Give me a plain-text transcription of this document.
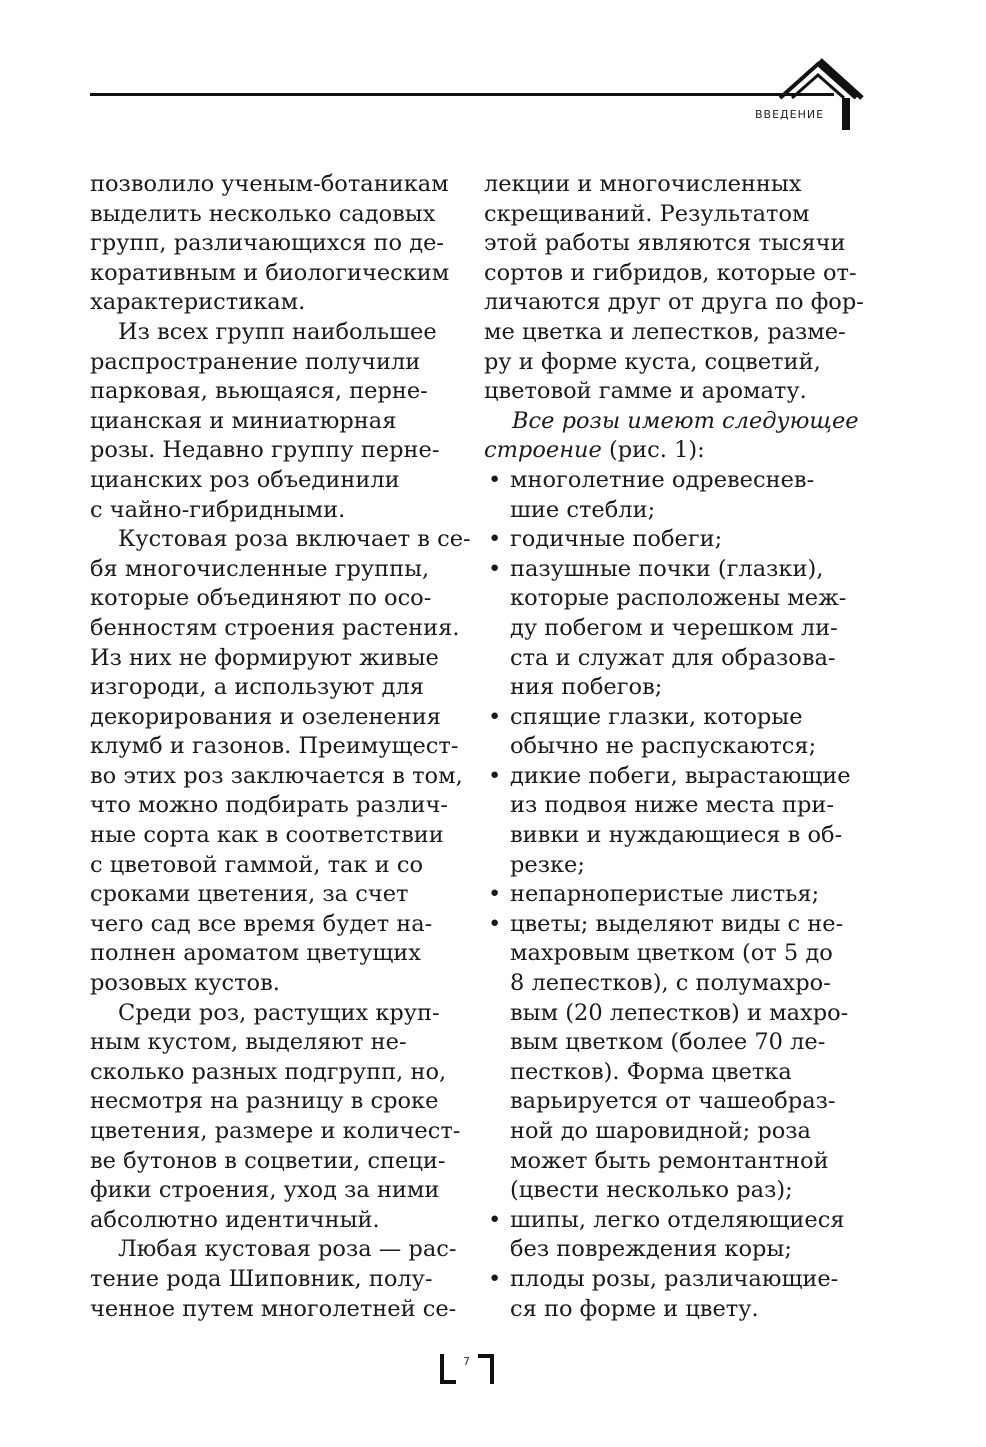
ВВЕДЕНИЕ
позволило ученым-ботаникам
выделить несколько садовых
групп, различающихся по де-
коративным и биологическим
характеристикам.
Из всех групп наибольшее
распространение получили
парковая, вьющаяся, перне-
цианская и миниатюрная
розы. Недавно группу перне-
цианских роз объединили
с чайно-гибридными.
Кустовая роза включает в се-
бя многочисленные группы,
которые объединяют по осо-
бенностям строения растения.
Из них не формируют живые
изгороди, а используют для
декорирования и озеленения
клумб и газонов. Преимущест-
во этих роз заключается в том,
что можно подбирать различ-
ные сорта как в соответствии
с цветовой гаммой, так и со
сроками цветения, за счет
чего сад все время будет на-
полнен ароматом цветущих
розовых кустов.
Среди роз, растущих круп-
ным кустом, выделяют не-
сколько разных подгрупп, но,
несмотря на разницу в сроке
цветения, размере и количест-
ве бутонов в соцветии, специ-
фики строения, уход за ними
абсолютно идентичный.
Любая кустовая роза — рас-
тение рода Шиповник, полу-
ченное путем многолетней се-
лекции и многочисленных
скрещиваний. Результатом
этой работы являются тысячи
сортов и гибридов, которые от-
личаются друг от друга по фор-
ме цветка и лепестков, разме-
ру и форме куста, соцветий,
цветовой гамме и аромату.
Все розы имеют следующее
строение (рис. 1):
• многолетние одревеснев-
шие стебли;
• годичные побеги;
• пазушные почки (глазки),
которые расположены меж-
ду побегом и черешком ли-
ста и служат для образова-
ния побегов;
• спящие глазки, которые
обычно не распускаются;
• дикие побеги, вырастающие
из подвоя ниже места при-
вивки и нуждающиеся в об-
резке;
• непарноперистые листья;
• цветы; выделяют виды с не-
махровым цветком (от 5 до
8 лепестков), с полумахро-
вым (20 лепестков) и махро-
вым цветком (более 70 ле-
пестков). Форма цветка
варьируется от чашеобраз-
ной до шаровидной; роза
может быть ремонтантной
(цвести несколько раз);
• шипы, легко отделяющиеся
без повреждения коры;
• плоды розы, различающие-
ся по форме и цвету.
7
